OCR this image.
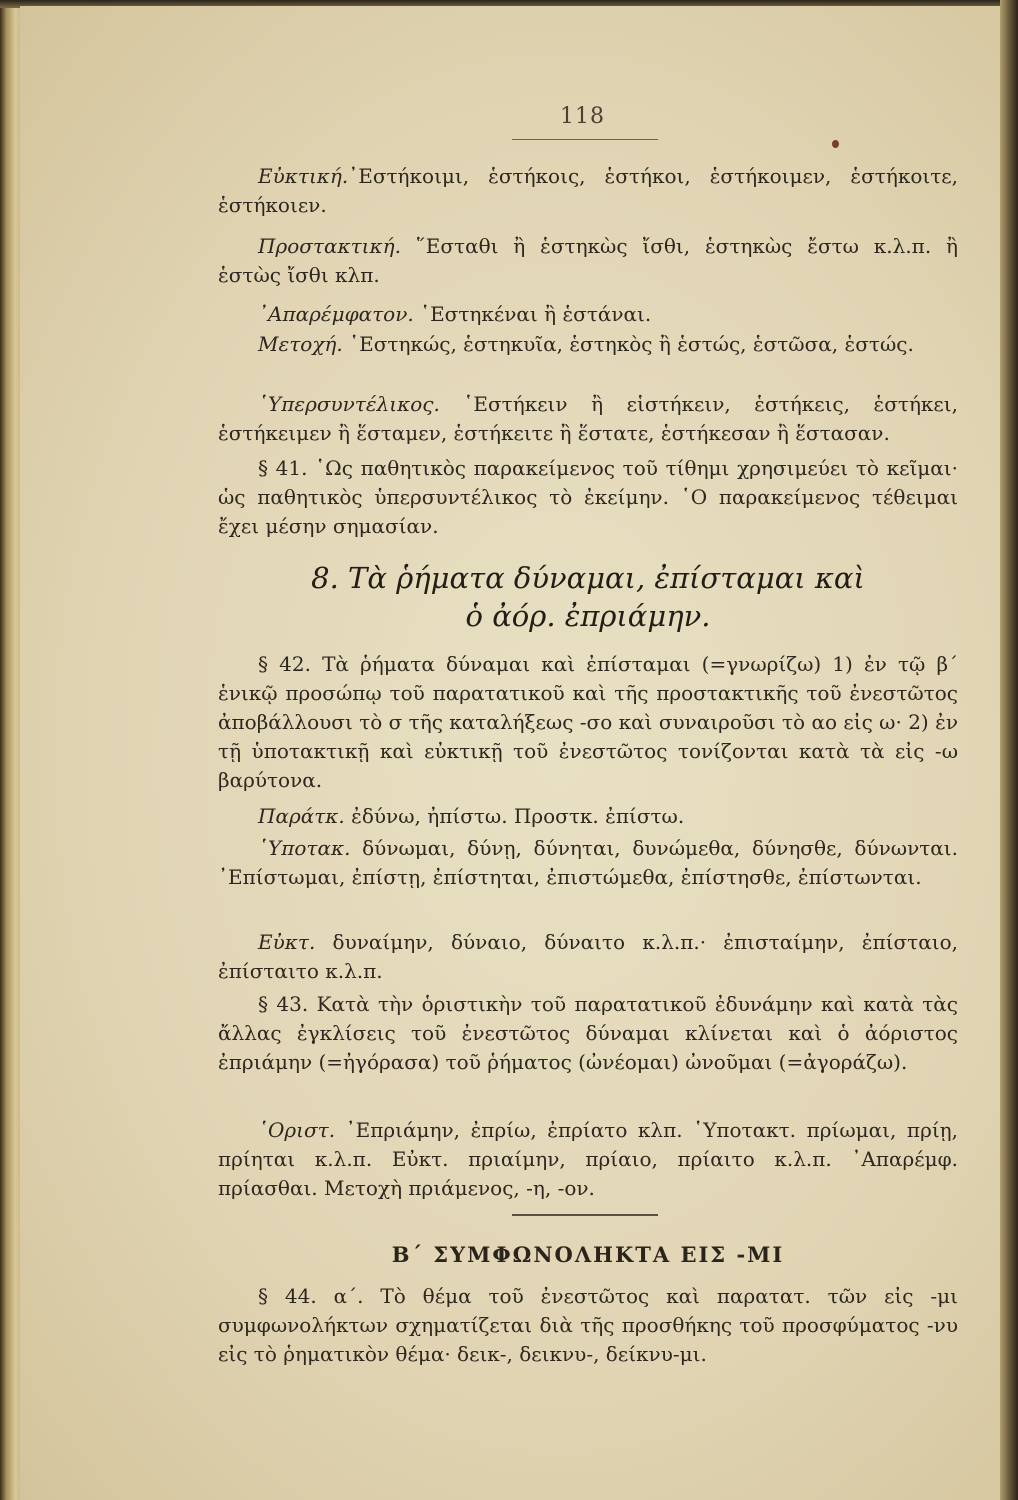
118
Εὐκτική.᾿Εστήκοιμι, ἑστήκοις, ἑστήκοι, ἑστήκοιμεν, ἑστήκοιτε, ἑστήκοιεν.
Προστακτική. ῞Εσταθι ἢ ἑστηκὼς ἴσθι, ἑστηκὼς ἔστω κ.λ.π. ἢ ἑστὼς ἴσθι κλπ.
᾿Απαρέμφατον. ῾Εστηκέναι ἢ ἑστάναι.
Μετοχή. ῾Εστηκώς, ἑστηκυῖα, ἑστηκὸς ἢ ἑστώς, ἑστῶσα, ἑστώς.
῾Υπερσυντέλικος. ῾Εστήκειν ἢ εἱστήκειν, ἑστήκεις, ἑστήκει, ἑστήκειμεν ἢ ἕσταμεν, ἑστήκειτε ἢ ἕστατε, ἑστήκεσαν ἢ ἕστασαν.
§ 41. ῾Ως παθητικὸς παρακείμενος τοῦ τίθημι χρησιμεύει τὸ κεῖμαι· ὡς παθητικὸς ὑπερσυντέλικος τὸ ἐκείμην. ῾Ο παρακείμενος τέθειμαι ἔχει μέσην σημασίαν.
8. Τὰ ῥήματα δύναμαι, ἐπίσταμαι καὶ
ὁ ἀόρ. ἐπριάμην.
§ 42. Τὰ ῥήματα δύναμαι καὶ ἐπίσταμαι (=γνωρίζω) 1) ἐν τῷ β΄ ἑνικῷ προσώπῳ τοῦ παρατατικοῦ καὶ τῆς προστακτικῆς τοῦ ἐνεστῶτος ἀποβάλλουσι τὸ σ τῆς καταλήξεως -σο καὶ συναιροῦσι τὸ αο εἰς ω· 2) ἐν τῇ ὑποτακτικῇ καὶ εὐκτικῇ τοῦ ἐνεστῶτος τονίζονται κατὰ τὰ εἰς -ω βαρύτονα.
Παράτκ. ἐδύνω, ἠπίστω. Προστκ. ἐπίστω.
῾Υποτακ. δύνωμαι, δύνῃ, δύνηται, δυνώμεθα, δύνησθε, δύνωνται. ᾿Επίστωμαι, ἐπίστῃ, ἐπίστηται, ἐπιστώμεθα, ἐπίστησθε, ἐπίστωνται.
Εὐκτ. δυναίμην, δύναιο, δύναιτο κ.λ.π.· ἐπισταίμην, ἐπίσταιο, ἐπίσταιτο κ.λ.π.
§ 43. Κατὰ τὴν ὁριστικὴν τοῦ παρατατικοῦ ἐδυνάμην καὶ κατὰ τὰς ἄλλας ἐγκλίσεις τοῦ ἐνεστῶτος δύναμαι κλίνεται καὶ ὁ ἀόριστος ἐπριάμην (=ἠγόρασα) τοῦ ῥήματος (ὠνέομαι) ὠνοῦμαι (=ἀγοράζω).
῾Οριστ. ᾿Επριάμην, ἐπρίω, ἐπρίατο κλπ. ῾Υποτακτ. πρίωμαι, πρίῃ, πρίηται κ.λ.π. Εὐκτ. πριαίμην, πρίαιο, πρίαιτο κ.λ.π. ᾿Απαρέμφ. πρίασθαι. Μετοχὴ πριάμενος, -η, -ον.
Β΄ ΣΥΜΦΩΝΟΛΗΚΤΑ ΕΙΣ -ΜΙ
§ 44. α΄. Τὸ θέμα τοῦ ἐνεστῶτος καὶ παρατατ. τῶν εἰς -μι συμφωνολήκτων σχηματίζεται διὰ τῆς προσθήκης τοῦ προσφύματος -νυ εἰς τὸ ῥηματικὸν θέμα· δεικ-, δεικνυ-, δείκνυ-μι.
